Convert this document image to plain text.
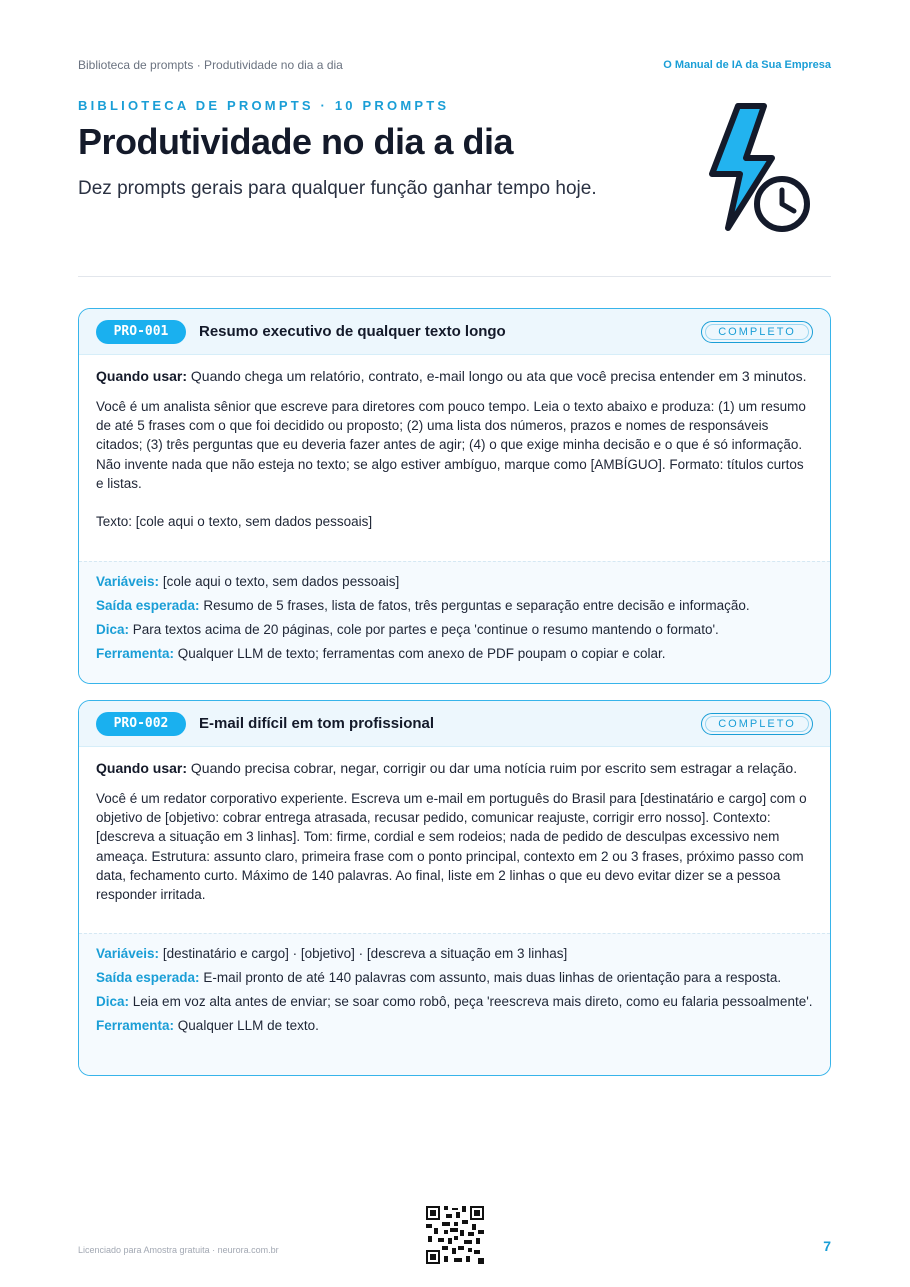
Biblioteca de prompts · Produtividade no dia a dia	O Manual de IA da Sua Empresa
BIBLIOTECA DE PROMPTS · 10 PROMPTS
Produtividade no dia a dia

Dez prompts gerais para qualquer função ganhar tempo hoje.

PRO-001	Resumo executivo de qualquer texto longo	COMPLETO

Quando usar: Quando chega um relatório, contrato, e-mail longo ou ata que você precisa entender em 3 minutos.

Você é um analista sênior que escreve para diretores com pouco tempo. Leia o texto abaixo e produza: (1) um resumo de até 5 frases com o que foi decidido ou proposto; (2) uma lista dos números, prazos e nomes de responsáveis citados; (3) três perguntas que eu deveria fazer antes de agir; (4) o que exige minha decisão e o que é só informação. Não invente nada que não esteja no texto; se algo estiver ambíguo, marque como [AMBÍGUO]. Formato: títulos curtos e listas.

Texto: [cole aqui o texto, sem dados pessoais]

Variáveis: [cole aqui o texto, sem dados pessoais]

Saída esperada: Resumo de 5 frases, lista de fatos, três perguntas e separação entre decisão e informação.

Dica: Para textos acima de 20 páginas, cole por partes e peça 'continue o resumo mantendo o formato'.

Ferramenta: Qualquer LLM de texto; ferramentas com anexo de PDF poupam o copiar e colar.

PRO-002	E-mail difícil em tom profissional	COMPLETO

Quando usar: Quando precisa cobrar, negar, corrigir ou dar uma notícia ruim por escrito sem estragar a relação.

Você é um redator corporativo experiente. Escreva um e-mail em português do Brasil para [destinatário e cargo] com o objetivo de [objetivo: cobrar entrega atrasada, recusar pedido, comunicar reajuste, corrigir erro nosso]. Contexto: [descreva a situação em 3 linhas]. Tom: firme, cordial e sem rodeios; nada de pedido de desculpas excessivo nem ameaça. Estrutura: assunto claro, primeira frase com o ponto principal, contexto em 2 ou 3 frases, próximo passo com data, fechamento curto. Máximo de 140 palavras. Ao final, liste em 2 linhas o que eu devo evitar dizer se a pessoa responder irritada.

Variáveis: [destinatário e cargo] · [objetivo] · [descreva a situação em 3 linhas]

Saída esperada: E-mail pronto de até 140 palavras com assunto, mais duas linhas de orientação para a resposta.

Dica: Leia em voz alta antes de enviar; se soar como robô, peça 'reescreva mais direto, como eu falaria pessoalmente'.

Ferramenta: Qualquer LLM de texto.

Licenciado para Amostra gratuita · neurora.com.br	7
